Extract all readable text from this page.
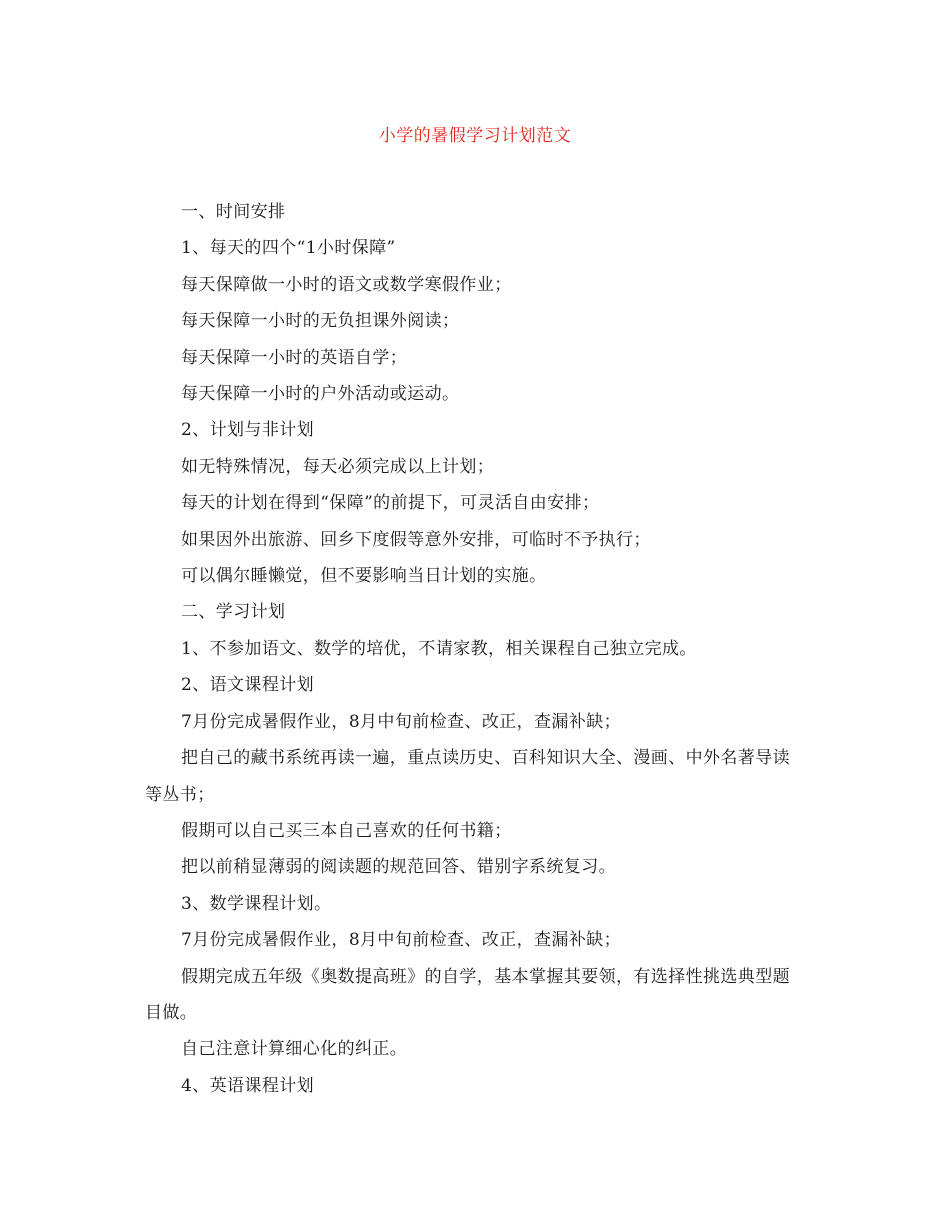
小学的暑假学习计划范文

一、时间安排

1、每天的四个“1小时保障”

每天保障做一小时的语文或数学寒假作业；

每天保障一小时的无负担课外阅读；

每天保障一小时的英语自学；

每天保障一小时的户外活动或运动。

2、计划与非计划

如无特殊情况，每天必须完成以上计划；

每天的计划在得到“保障”的前提下，可灵活自由安排；

如果因外出旅游、回乡下度假等意外安排，可临时不予执行；

可以偶尔睡懒觉，但不要影响当日计划的实施。

二、学习计划

1、不参加语文、数学的培优，不请家教，相关课程自己独立完成。

2、语文课程计划

7月份完成暑假作业，8月中旬前检查、改正，查漏补缺；

把自己的藏书系统再读一遍，重点读历史、百科知识大全、漫画、中外名著导读等丛书；

假期可以自己买三本自己喜欢的任何书籍；

把以前稍显薄弱的阅读题的规范回答、错别字系统复习。

3、数学课程计划。

7月份完成暑假作业，8月中旬前检查、改正，查漏补缺；

假期完成五年级《奥数提高班》的自学，基本掌握其要领，有选择性挑选典型题目做。

自己注意计算细心化的纠正。

4、英语课程计划
